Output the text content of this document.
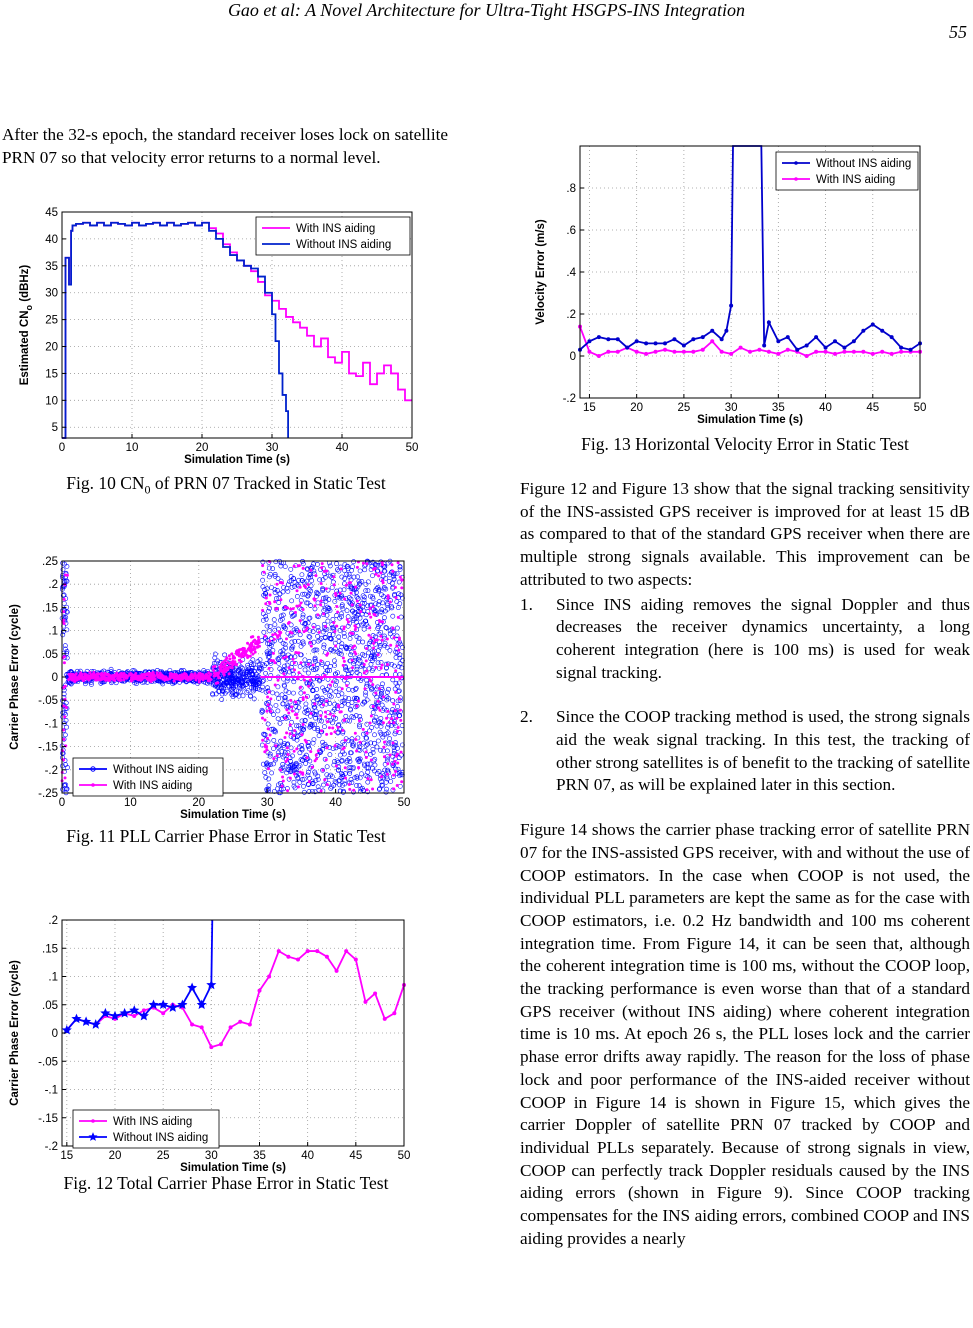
Gao et al: A Novel Architecture for Ultra-Tight HSGPS-INS Integration
55

After the 32-s epoch, the standard receiver loses lock on satellite PRN 07 so that velocity error returns to a normal level.

0	10	20	30	40	50
5
10
15
20
25
30
35
40
45
Simulation Time (s)
Estimated $CN_o$ (dBHz)
With INS aiding
Without INS aiding
Fig. 10 $CN_0$ of PRN 07 Tracked in Static Test
0	10	20	30	40	50
-.25
-.2
-.15
-.1
-.05
0
.05
.1
.15
.2
.25
Simulation Time (s)
Carrier Phase Error (cycle)
Without INS aiding
With INS aiding
Fig. 11 PLL Carrier Phase Error in Static Test
15	20	25	30	35	40	45	50
-.2
-.15
-.1
-.05
0
.05
.1
.15
.2
Simulation Time (s)
Carrier Phase Error (cycle)
With INS aiding
Without INS aiding
Fig. 12 Total Carrier Phase Error in Static Test
15	20	25	30	35	40	45	50
-.2
0
.2
.4
.6
.8
Simulation Time (s)
Velocity Error (m/s)
Without INS aiding
With INS aiding
Fig. 13 Horizontal Velocity Error in Static Test

Figure 12 and Figure 13 show that the signal tracking sensitivity of the INS-assisted GPS receiver is improved for at least 15 dB as compared to that of the standard GPS receiver when there are multiple strong signals available. This improvement can be attributed to two aspects:

1. Since INS aiding removes the signal Doppler and thus decreases the receiver dynamics uncertainty, a long coherent integration (here is 100 ms) is used for weak signal tracking.
2. Since the COOP tracking method is used, the strong signals aid the weak signal tracking. In this test, the tracking of other strong satellites is of benefit to the tracking of satellite PRN 07, as will be explained later in this section.

Figure 14 shows the carrier phase tracking error of satellite PRN 07 for the INS-assisted GPS receiver, with and without the use of COOP estimators. In the case when COOP is not used, the individual PLL parameters are kept the same as for the case with COOP estimators, i.e. 0.2 Hz bandwidth and 100 ms coherent integration time. From Figure 14, it can be seen that, although the coherent integration time is 100 ms, without the COOP loop, the tracking performance is even worse than that of a standard GPS receiver (without INS aiding) where coherent integration time is 10 ms. At epoch 26 s, the PLL loses lock and the carrier phase error drifts away rapidly. The reason for the loss of phase lock and poor performance of the INS-aided receiver without COOP in Figure 14 is shown in Figure 15, which gives the carrier Doppler of satellite PRN 07 tracked by COOP and individual PLLs separately. Because of strong signals in view, COOP can perfectly track Doppler residuals caused by the INS aiding errors (shown in Figure 9). Since COOP tracking compensates for the INS aiding errors, combined COOP and INS aiding provides a nearly
